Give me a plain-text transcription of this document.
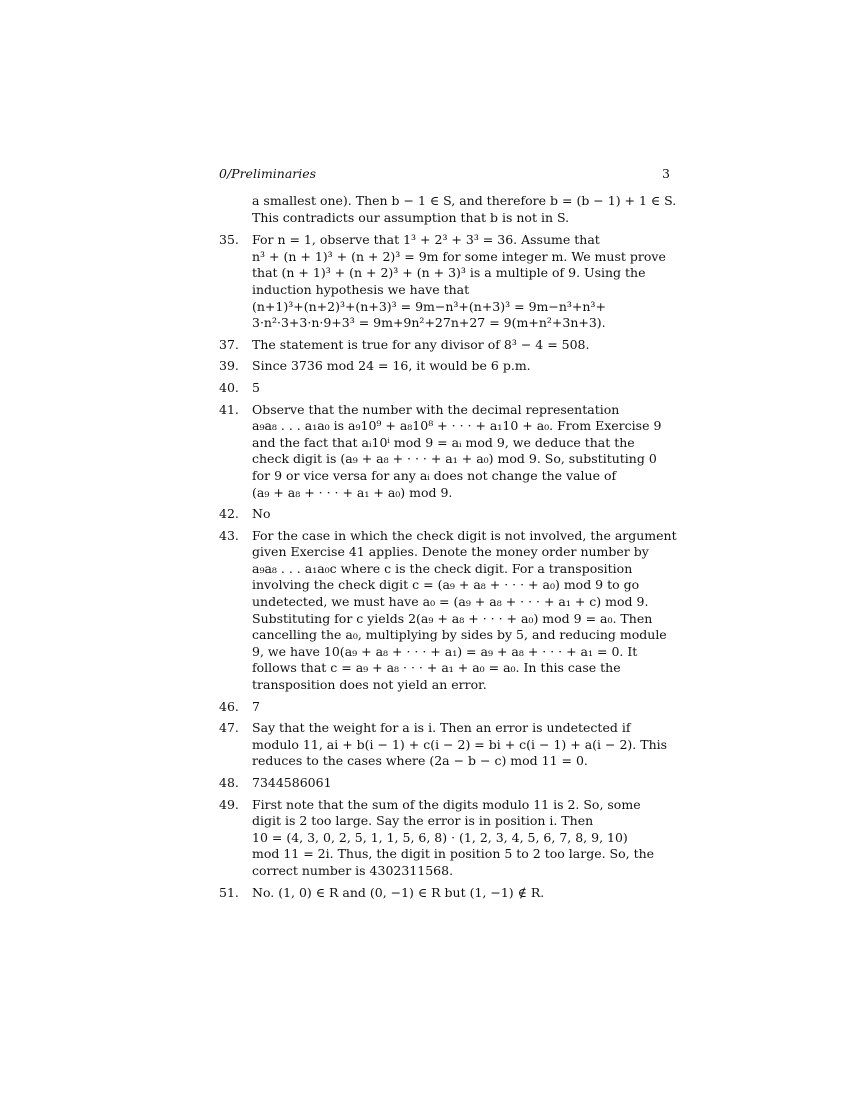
0/Preliminaries	3
a smallest one). Then b − 1 ∈ S, and therefore b = (b − 1) + 1 ∈ S.
This contradicts our assumption that b is not in S.
35. For n = 1, observe that 1³ + 2³ + 3³ = 36. Assume that
n³ + (n + 1)³ + (n + 2)³ = 9m for some integer m. We must prove
that (n + 1)³ + (n + 2)³ + (n + 3)³ is a multiple of 9. Using the
induction hypothesis we have that
(n+1)³+(n+2)³+(n+3)³ = 9m−n³+(n+3)³ = 9m−n³+n³+
3·n²·3+3·n·9+3³ = 9m+9n²+27n+27 = 9(m+n²+3n+3).
37. The statement is true for any divisor of 8³ − 4 = 508.
39. Since 3736 mod 24 = 16, it would be 6 p.m.
40. 5
41. Observe that the number with the decimal representation
a₉a₈ . . . a₁a₀ is a₉10⁹ + a₈10⁸ + · · · + a₁10 + a₀. From Exercise 9
and the fact that aᵢ10ⁱ mod 9 = aᵢ mod 9, we deduce that the
check digit is (a₉ + a₈ + · · · + a₁ + a₀) mod 9. So, substituting 0
for 9 or vice versa for any aᵢ does not change the value of
(a₉ + a₈ + · · · + a₁ + a₀) mod 9.
42. No
43. For the case in which the check digit is not involved, the argument
given Exercise 41 applies. Denote the money order number by
a₉a₈ . . . a₁a₀c where c is the check digit. For a transposition
involving the check digit c = (a₉ + a₈ + · · · + a₀) mod 9 to go
undetected, we must have a₀ = (a₉ + a₈ + · · · + a₁ + c) mod 9.
Substituting for c yields 2(a₉ + a₈ + · · · + a₀) mod 9 = a₀. Then
cancelling the a₀, multiplying by sides by 5, and reducing module
9, we have 10(a₉ + a₈ + · · · + a₁) = a₉ + a₈ + · · · + a₁ = 0. It
follows that c = a₉ + a₈ · · · + a₁ + a₀ = a₀. In this case the
transposition does not yield an error.
46. 7
47. Say that the weight for a is i. Then an error is undetected if
modulo 11, ai + b(i − 1) + c(i − 2) = bi + c(i − 1) + a(i − 2). This
reduces to the cases where (2a − b − c) mod 11 = 0.
48. 7344586061
49. First note that the sum of the digits modulo 11 is 2. So, some
digit is 2 too large. Say the error is in position i. Then
10 = (4, 3, 0, 2, 5, 1, 1, 5, 6, 8) · (1, 2, 3, 4, 5, 6, 7, 8, 9, 10)
mod 11 = 2i. Thus, the digit in position 5 to 2 too large. So, the
correct number is 4302311568.
51. No. (1, 0) ∈ R and (0, −1) ∈ R but (1, −1) ∉ R.
